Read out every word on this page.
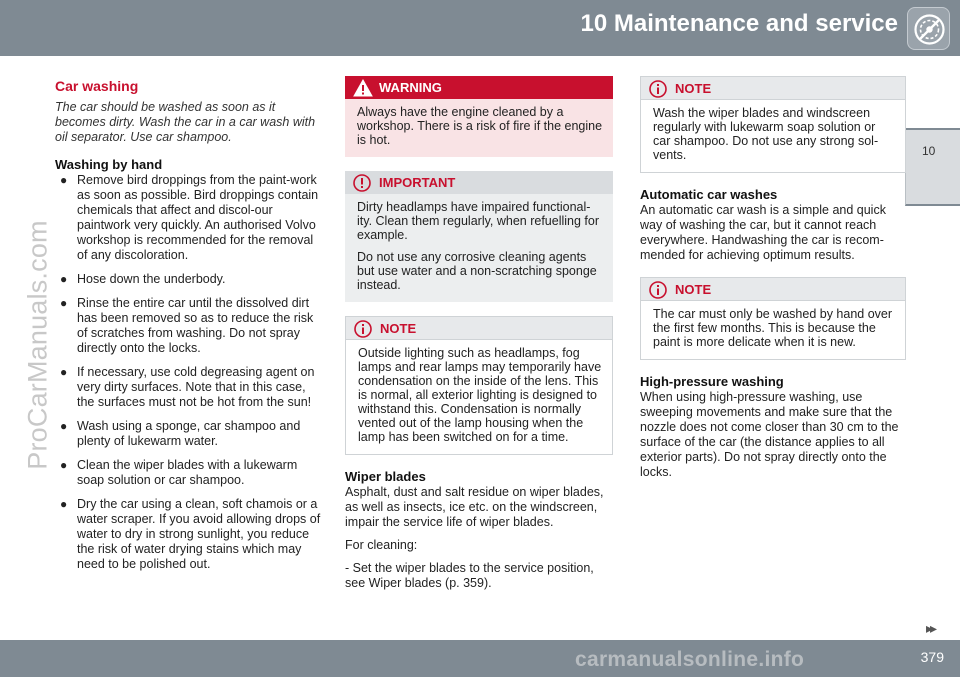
10 Maintenance and service
10
ProCarManuals.com
Car washing
The car should be washed as soon as it becomes dirty. Wash the car in a car wash with oil separator. Use car shampoo.
Washing by hand
● Remove bird droppings from the paint-work as soon as possible. Bird droppings contain chemicals that affect and discol-our paintwork very quickly. An authorised Volvo workshop is recommended for the removal of any discoloration.
● Hose down the underbody.
● Rinse the entire car until the dissolved dirt has been removed so as to reduce the risk of scratches from washing. Do not spray directly onto the locks.
● If necessary, use cold degreasing agent on very dirty surfaces. Note that in this case, the surfaces must not be hot from the sun!
● Wash using a sponge, car shampoo and plenty of lukewarm water.
● Clean the wiper blades with a lukewarm soap solution or car shampoo.
● Dry the car using a clean, soft chamois or a water scraper. If you avoid allowing drops of water to dry in strong sunlight, you reduce the risk of water drying stains which may need to be polished out.
WARNING

Always have the engine cleaned by a workshop. There is a risk of fire if the engine is hot.

IMPORTANT

Dirty headlamps have impaired functional-ity. Clean them regularly, when refuelling for example.

Do not use any corrosive cleaning agents but use water and a non-scratching sponge instead.

NOTE

Outside lighting such as headlamps, fog lamps and rear lamps may temporarily have condensation on the inside of the lens. This is normal, all exterior lighting is designed to withstand this. Condensation is normally vented out of the lamp housing when the lamp has been switched on for a time.

Wiper blades

Asphalt, dust and salt residue on wiper blades, as well as insects, ice etc. on the windscreen, impair the service life of wiper blades.

For cleaning:

- Set the wiper blades to the service position, see Wiper blades (p. 359).

NOTE

Wash the wiper blades and windscreen regularly with lukewarm soap solution or car shampoo. Do not use any strong sol-vents.

Automatic car washes

An automatic car wash is a simple and quick way of washing the car, but it cannot reach everywhere. Handwashing the car is recom-mended for achieving optimum results.

NOTE

The car must only be washed by hand over the first few months. This is because the paint is more delicate when it is new.

High-pressure washing

When using high-pressure washing, use sweeping movements and make sure that the nozzle does not come closer than 30 cm to the surface of the car (the distance applies to all exterior parts). Do not spray directly onto the locks.

▸▸
carmanualsonline.info	379
